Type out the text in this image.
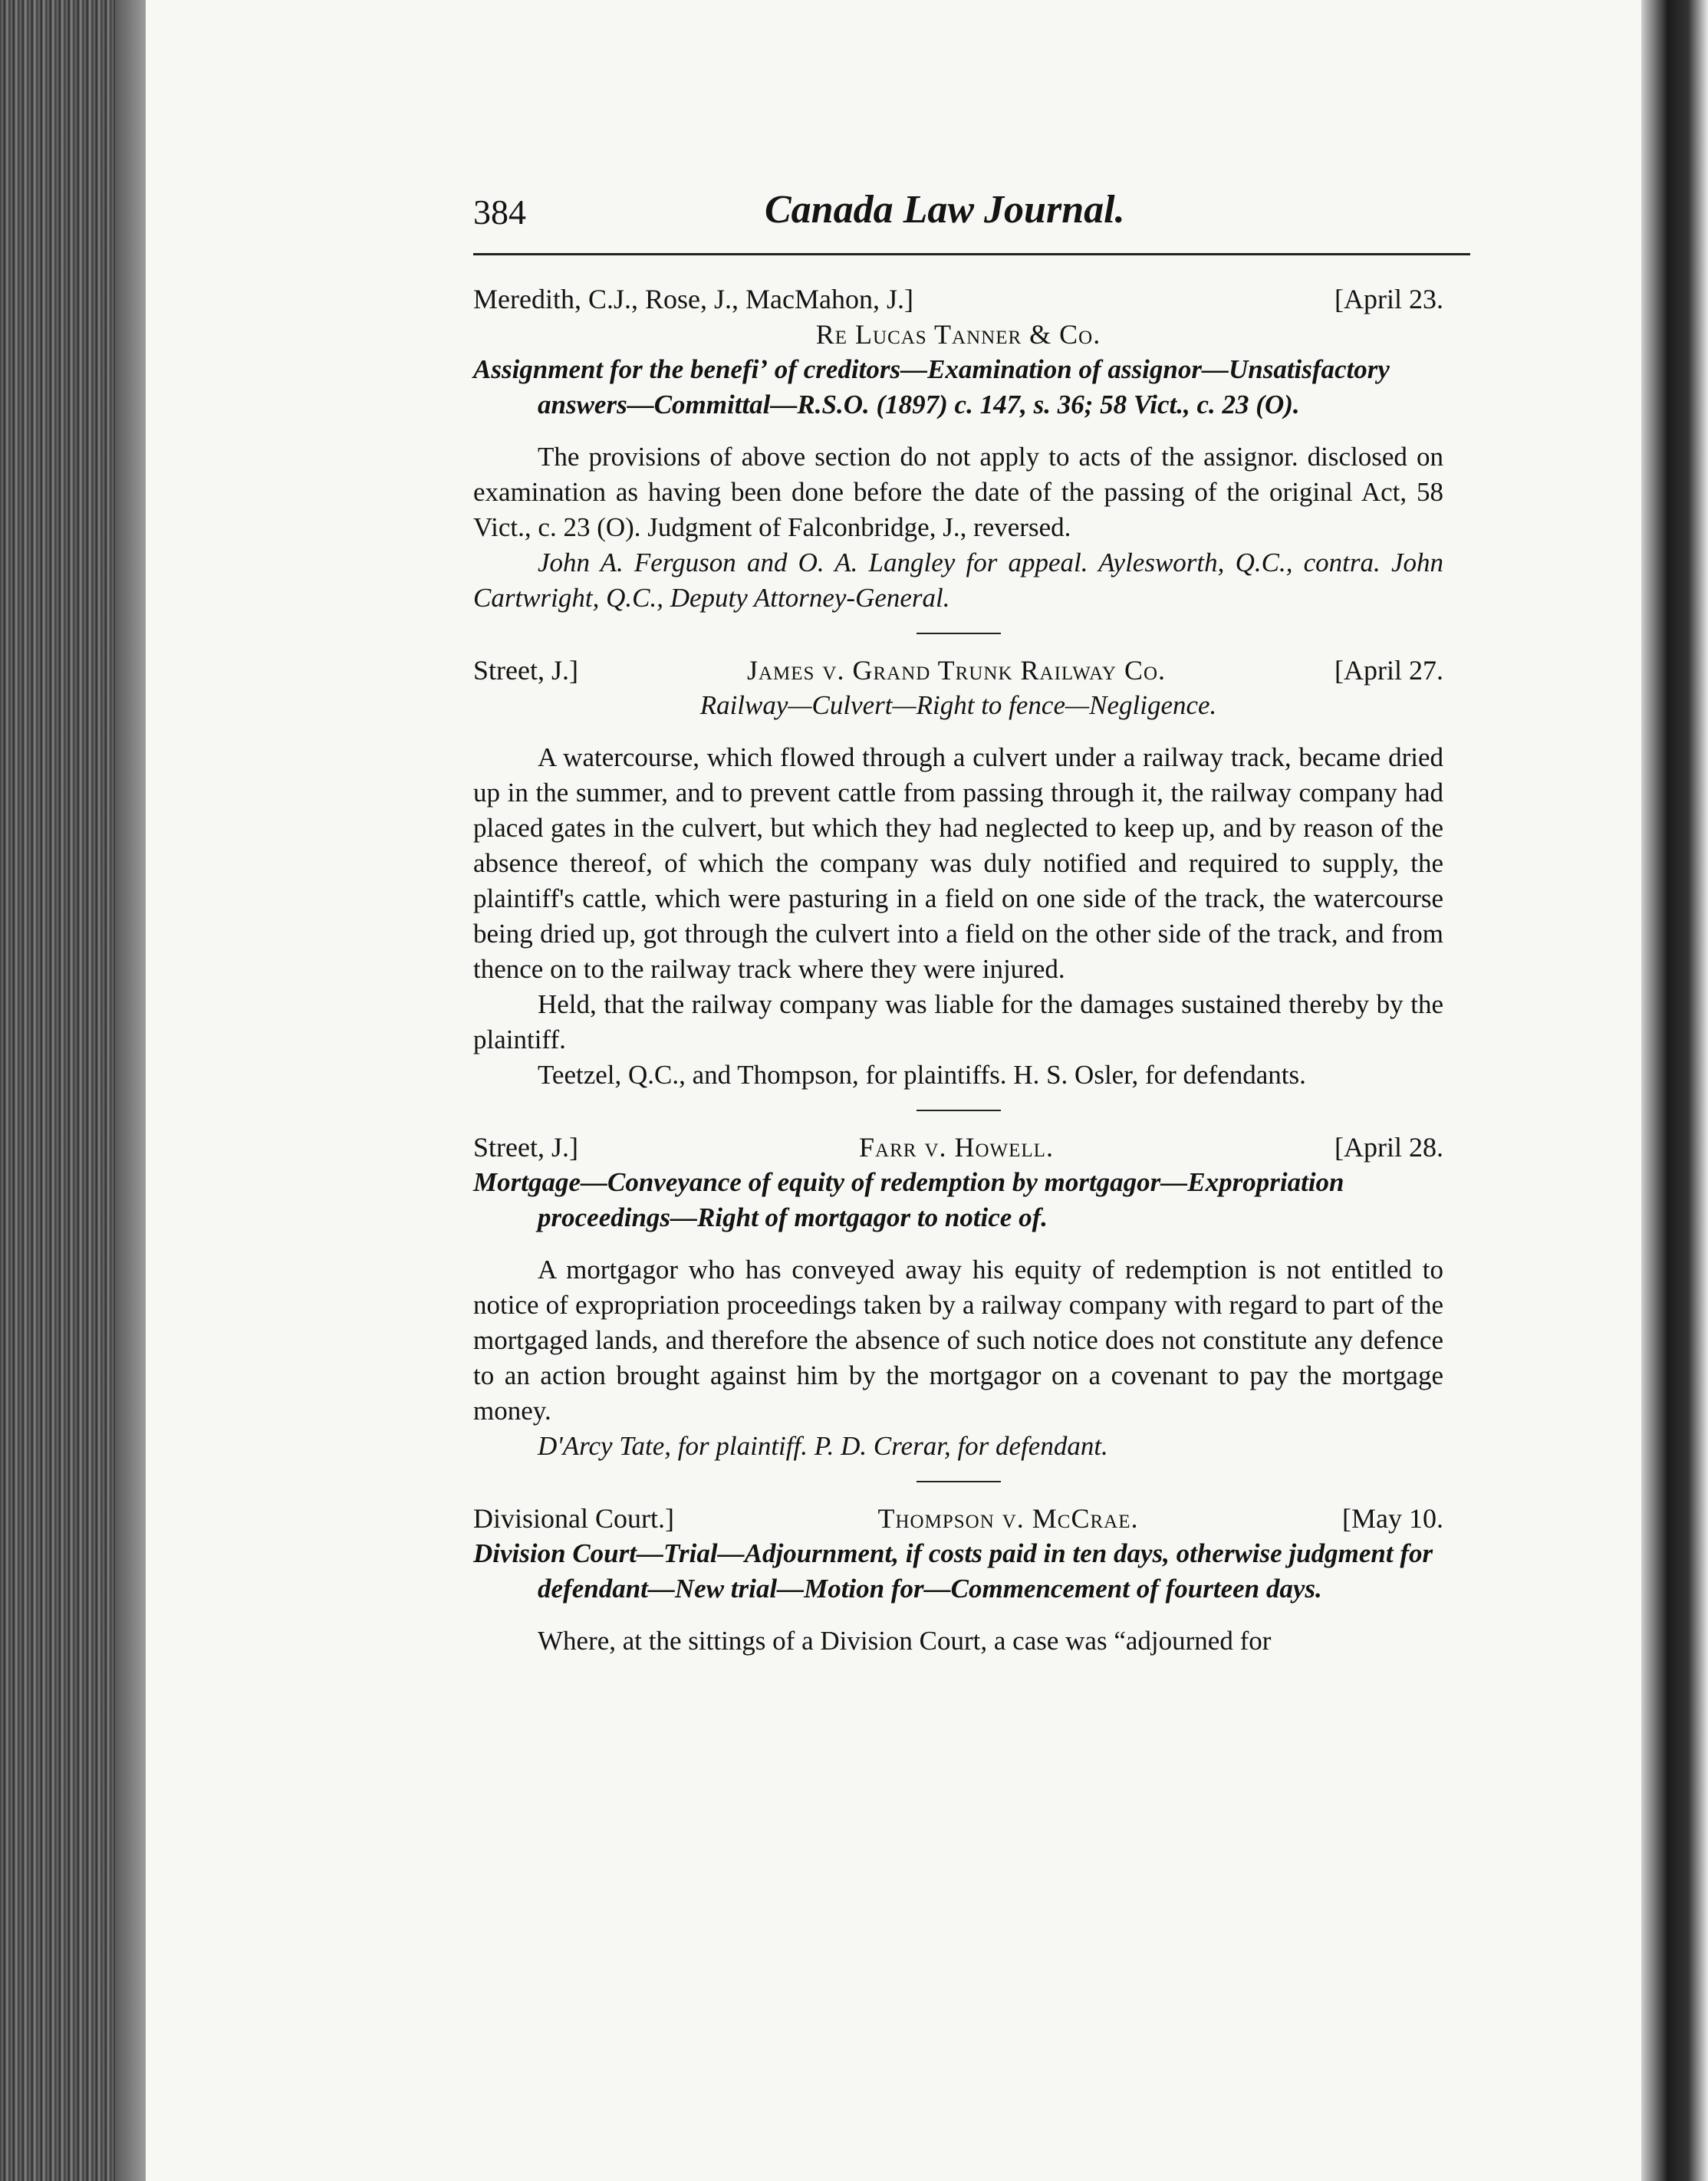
384	Canada Law Journal.
Meredith, C.J., Rose, J., MacMahon, J.]	[April 23.
Re Lucas Tanner & Co.

Assignment for the benefiʼ of creditors—Examination of assignor—Unsatisfactory answers—Committal—R.S.O. (1897) c. 147, s. 36; 58 Vict., c. 23 (O).

The provisions of above section do not apply to acts of the assignor. disclosed on examination as having been done before the date of the passing of the original Act, 58 Vict., c. 23 (O). Judgment of Falconbridge, J., reversed.

John A. Ferguson and O. A. Langley for appeal. Aylesworth, Q.C., contra. John Cartwright, Q.C., Deputy Attorney-General.

Street, J.]	James v. Grand Trunk Railway Co.	[April 27.

Railway—Culvert—Right to fence—Negligence.

A watercourse, which flowed through a culvert under a railway track, became dried up in the summer, and to prevent cattle from passing through it, the railway company had placed gates in the culvert, but which they had neglected to keep up, and by reason of the absence thereof, of which the company was duly notified and required to supply, the plaintiff's cattle, which were pasturing in a field on one side of the track, the watercourse being dried up, got through the culvert into a field on the other side of the track, and from thence on to the railway track where they were injured.

Held, that the railway company was liable for the damages sustained thereby by the plaintiff.

Teetzel, Q.C., and Thompson, for plaintiffs. H. S. Osler, for defendants.

Street, J.]	Farr v. Howell.	[April 28.

Mortgage—Conveyance of equity of redemption by mortgagor—Expropriation proceedings—Right of mortgagor to notice of.

A mortgagor who has conveyed away his equity of redemption is not entitled to notice of expropriation proceedings taken by a railway company with regard to part of the mortgaged lands, and therefore the absence of such notice does not constitute any defence to an action brought against him by the mortgagor on a covenant to pay the mortgage money.

D'Arcy Tate, for plaintiff. P. D. Crerar, for defendant.

Divisional Court.]	Thompson v. McCrae.	[May 10.

Division Court—Trial—Adjournment, if costs paid in ten days, otherwise judgment for defendant—New trial—Motion for—Commencement of fourteen days.

Where, at the sittings of a Division Court, a case was “adjourned for
